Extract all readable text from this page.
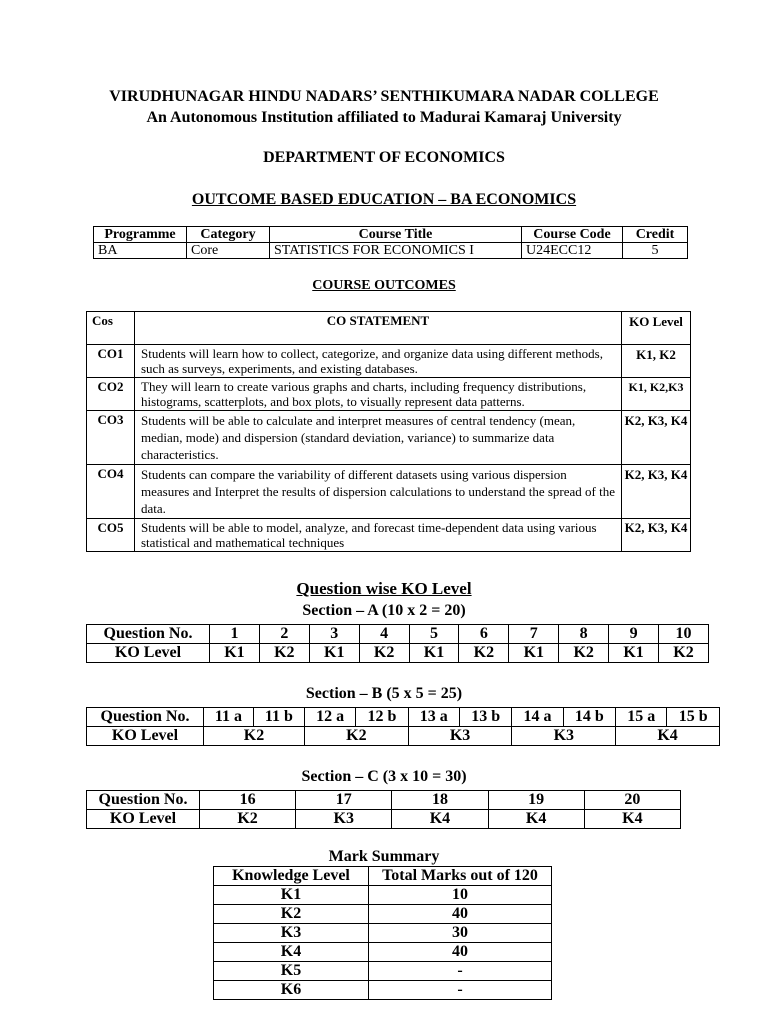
VIRUDHUNAGAR HINDU NADARS’ SENTHIKUMARA NADAR COLLEGE
An Autonomous Institution affiliated to Madurai Kamaraj University
DEPARTMENT OF ECONOMICS
OUTCOME BASED EDUCATION – BA ECONOMICS
Programme	Category	Course Title	Course Code	Credit
BA	Core	STATISTICS FOR ECONOMICS I	U24ECC12	5
COURSE OUTCOMES
Cos	CO STATEMENT	KO Level
CO1	Students will learn how to collect, categorize, and organize data using different methods, such as surveys, experiments, and existing databases.	K1, K2
CO2	They will learn to create various graphs and charts, including frequency distributions, histograms, scatterplots, and box plots, to visually represent data patterns.	K1, K2,K3
CO3	Students will be able to calculate and interpret measures of central tendency (mean, median, mode) and dispersion (standard deviation, variance) to summarize data characteristics.	K2, K3, K4
CO4	Students can compare the variability of different datasets using various dispersion measures and Interpret the results of dispersion calculations to understand the spread of the data.	K2, K3, K4
CO5	Students will be able to model, analyze, and forecast time-dependent data using various statistical and mathematical techniques	K2, K3, K4
Question wise KO Level
Section – A (10 x 2 = 20)
Question No.	1	2	3	4	5	6	7	8	9	10
KO Level	K1	K2	K1	K2	K1	K2	K1	K2	K1	K2
Section – B (5 x 5 = 25)
Question No.	11 a	11 b	12 a	12 b	13 a	13 b	14 a	14 b	15 a	15 b
KO Level	K2		K2		K3		K3		K4	
Section – C (3 x 10 = 30)
Question No.	16	17	18	19	20
KO Level	K2	K3	K4	K4	K4
Mark Summary
Knowledge Level	Total Marks out of 120
K1	10
K2	40
K3	30
K4	40
K5	-
K6	-
